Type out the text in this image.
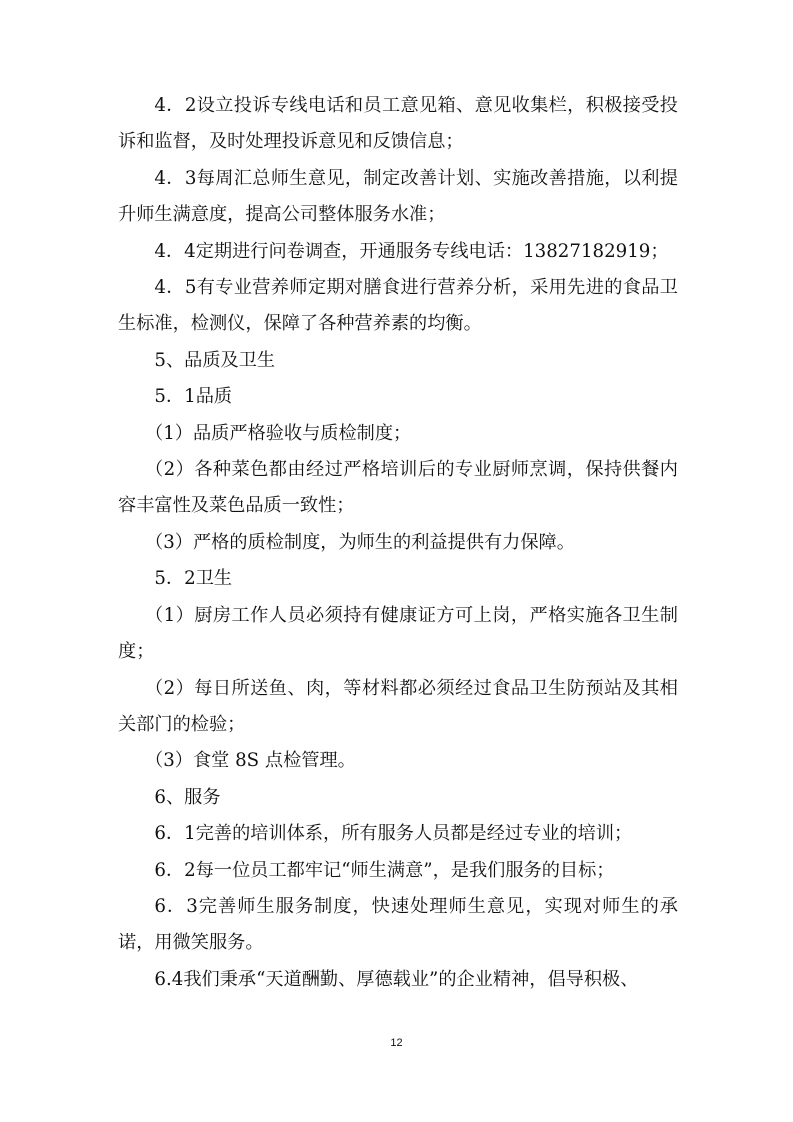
4．2设立投诉专线电话和员工意见箱、意见收集栏，积极接受投诉和监督，及时处理投诉意见和反馈信息；

4．3每周汇总师生意见，制定改善计划、实施改善措施，以利提升师生满意度，提高公司整体服务水准；

4．4定期进行问卷调查，开通服务专线电话：13827182919；

4．5有专业营养师定期对膳食进行营养分析，采用先进的食品卫生标准，检测仪，保障了各种营养素的均衡。

5、品质及卫生

5．1品质

（1）品质严格验收与质检制度；

（2）各种菜色都由经过严格培训后的专业厨师烹调，保持供餐内容丰富性及菜色品质一致性；

（3）严格的质检制度，为师生的利益提供有力保障。

5．2卫生

（1）厨房工作人员必须持有健康证方可上岗，严格实施各卫生制度；

（2）每日所送鱼、肉，等材料都必须经过食品卫生防预站及其相关部门的检验；

（3）食堂 8S 点检管理。

6、服务

6．1完善的培训体系，所有服务人员都是经过专业的培训；

6．2每一位员工都牢记“师生满意”，是我们服务的目标；

6．3完善师生服务制度，快速处理师生意见，实现对师生的承诺，用微笑服务。

6.4我们秉承“天道酬勤、厚德载业”的企业精神，倡导积极、

12
